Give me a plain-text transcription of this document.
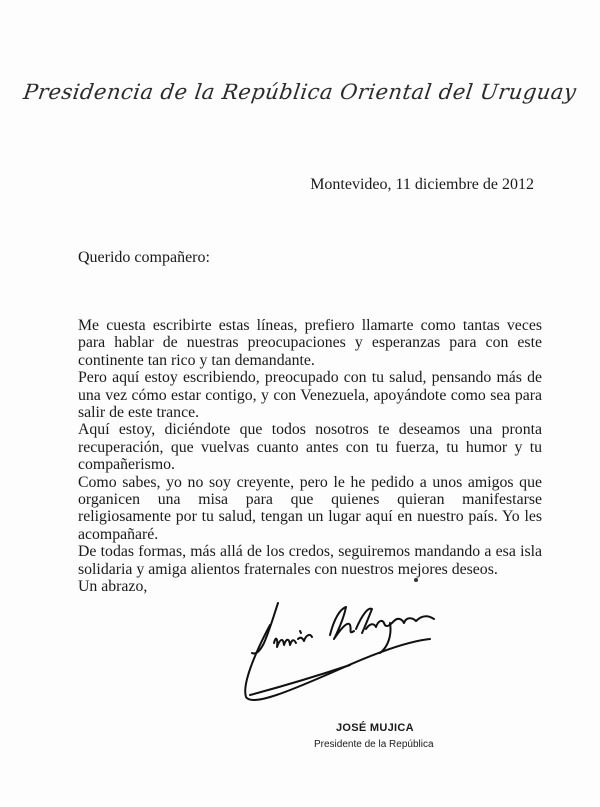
Presidencia de la República Oriental del Uruguay
Montevideo, 11 diciembre de 2012
Querido compañero:

Me cuesta escribirte estas líneas, prefiero llamarte como tantas veces para hablar de nuestras preocupaciones y esperanzas para con este continente tan rico y tan demandante.

Pero aquí estoy escribiendo, preocupado con tu salud, pensando más de una vez cómo estar contigo, y con Venezuela, apoyándote como sea para salir de este trance.

Aquí estoy, diciéndote que todos nosotros te deseamos una pronta recuperación, que vuelvas cuanto antes con tu fuerza, tu humor y tu compañerismo.

Como sabes, yo no soy creyente, pero le he pedido a unos amigos que organicen una misa para que quienes quieran manifestarse religiosamente por tu salud, tengan un lugar aquí en nuestro país. Yo les acompañaré.

De todas formas, más allá de los credos, seguiremos mandando a esa isla solidaria y amiga alientos fraternales con nuestros mejores deseos.

Un abrazo,
JOSÉ MUJICA
Presidente de la República
